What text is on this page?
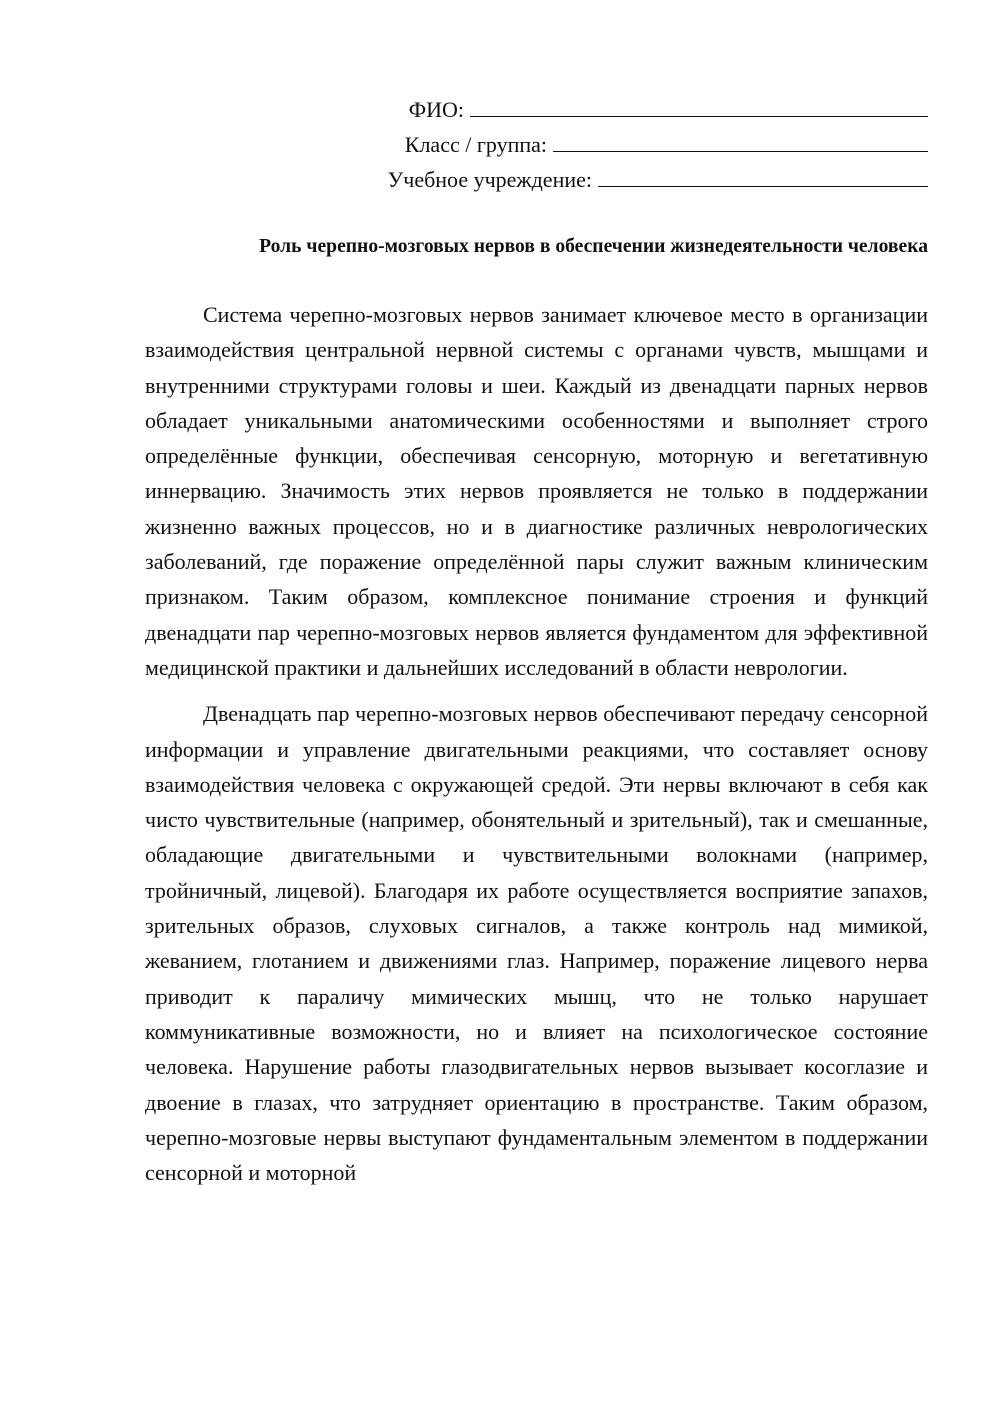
ФИО:
Класс / группа:
Учебное учреждение:
Роль черепно-мозговых нервов в обеспечении жизнедеятельности человека

Система черепно-мозговых нервов занимает ключевое место в организации взаимодействия центральной нервной системы с органами чувств, мышцами и внутренними структурами головы и шеи. Каждый из двенадцати парных нервов обладает уникальными анатомическими особенностями и выполняет строго определённые функции, обеспечивая сенсорную, моторную и вегетативную иннервацию. Значимость этих нервов проявляется не только в поддержании жизненно важных процессов, но и в диагностике различных неврологических заболеваний, где поражение определённой пары служит важным клиническим признаком. Таким образом, комплексное понимание строения и функций двенадцати пар черепно-мозговых нервов является фундаментом для эффективной медицинской практики и дальнейших исследований в области неврологии.

Двенадцать пар черепно-мозговых нервов обеспечивают передачу сенсорной информации и управление двигательными реакциями, что составляет основу взаимодействия человека с окружающей средой. Эти нервы включают в себя как чисто чувствительные (например, обонятельный и зрительный), так и смешанные, обладающие двигательными и чувствительными волокнами (например, тройничный, лицевой). Благодаря их работе осуществляется восприятие запахов, зрительных образов, слуховых сигналов, а также контроль над мимикой, жеванием, глотанием и движениями глаз. Например, поражение лицевого нерва приводит к параличу мимических мышц, что не только нарушает коммуникативные возможности, но и влияет на психологическое состояние человека. Нарушение работы глазодвигательных нервов вызывает косоглазие и двоение в глазах, что затрудняет ориентацию в пространстве. Таким образом, черепно-мозговые нервы выступают фундаментальным элементом в поддержании сенсорной и моторной
